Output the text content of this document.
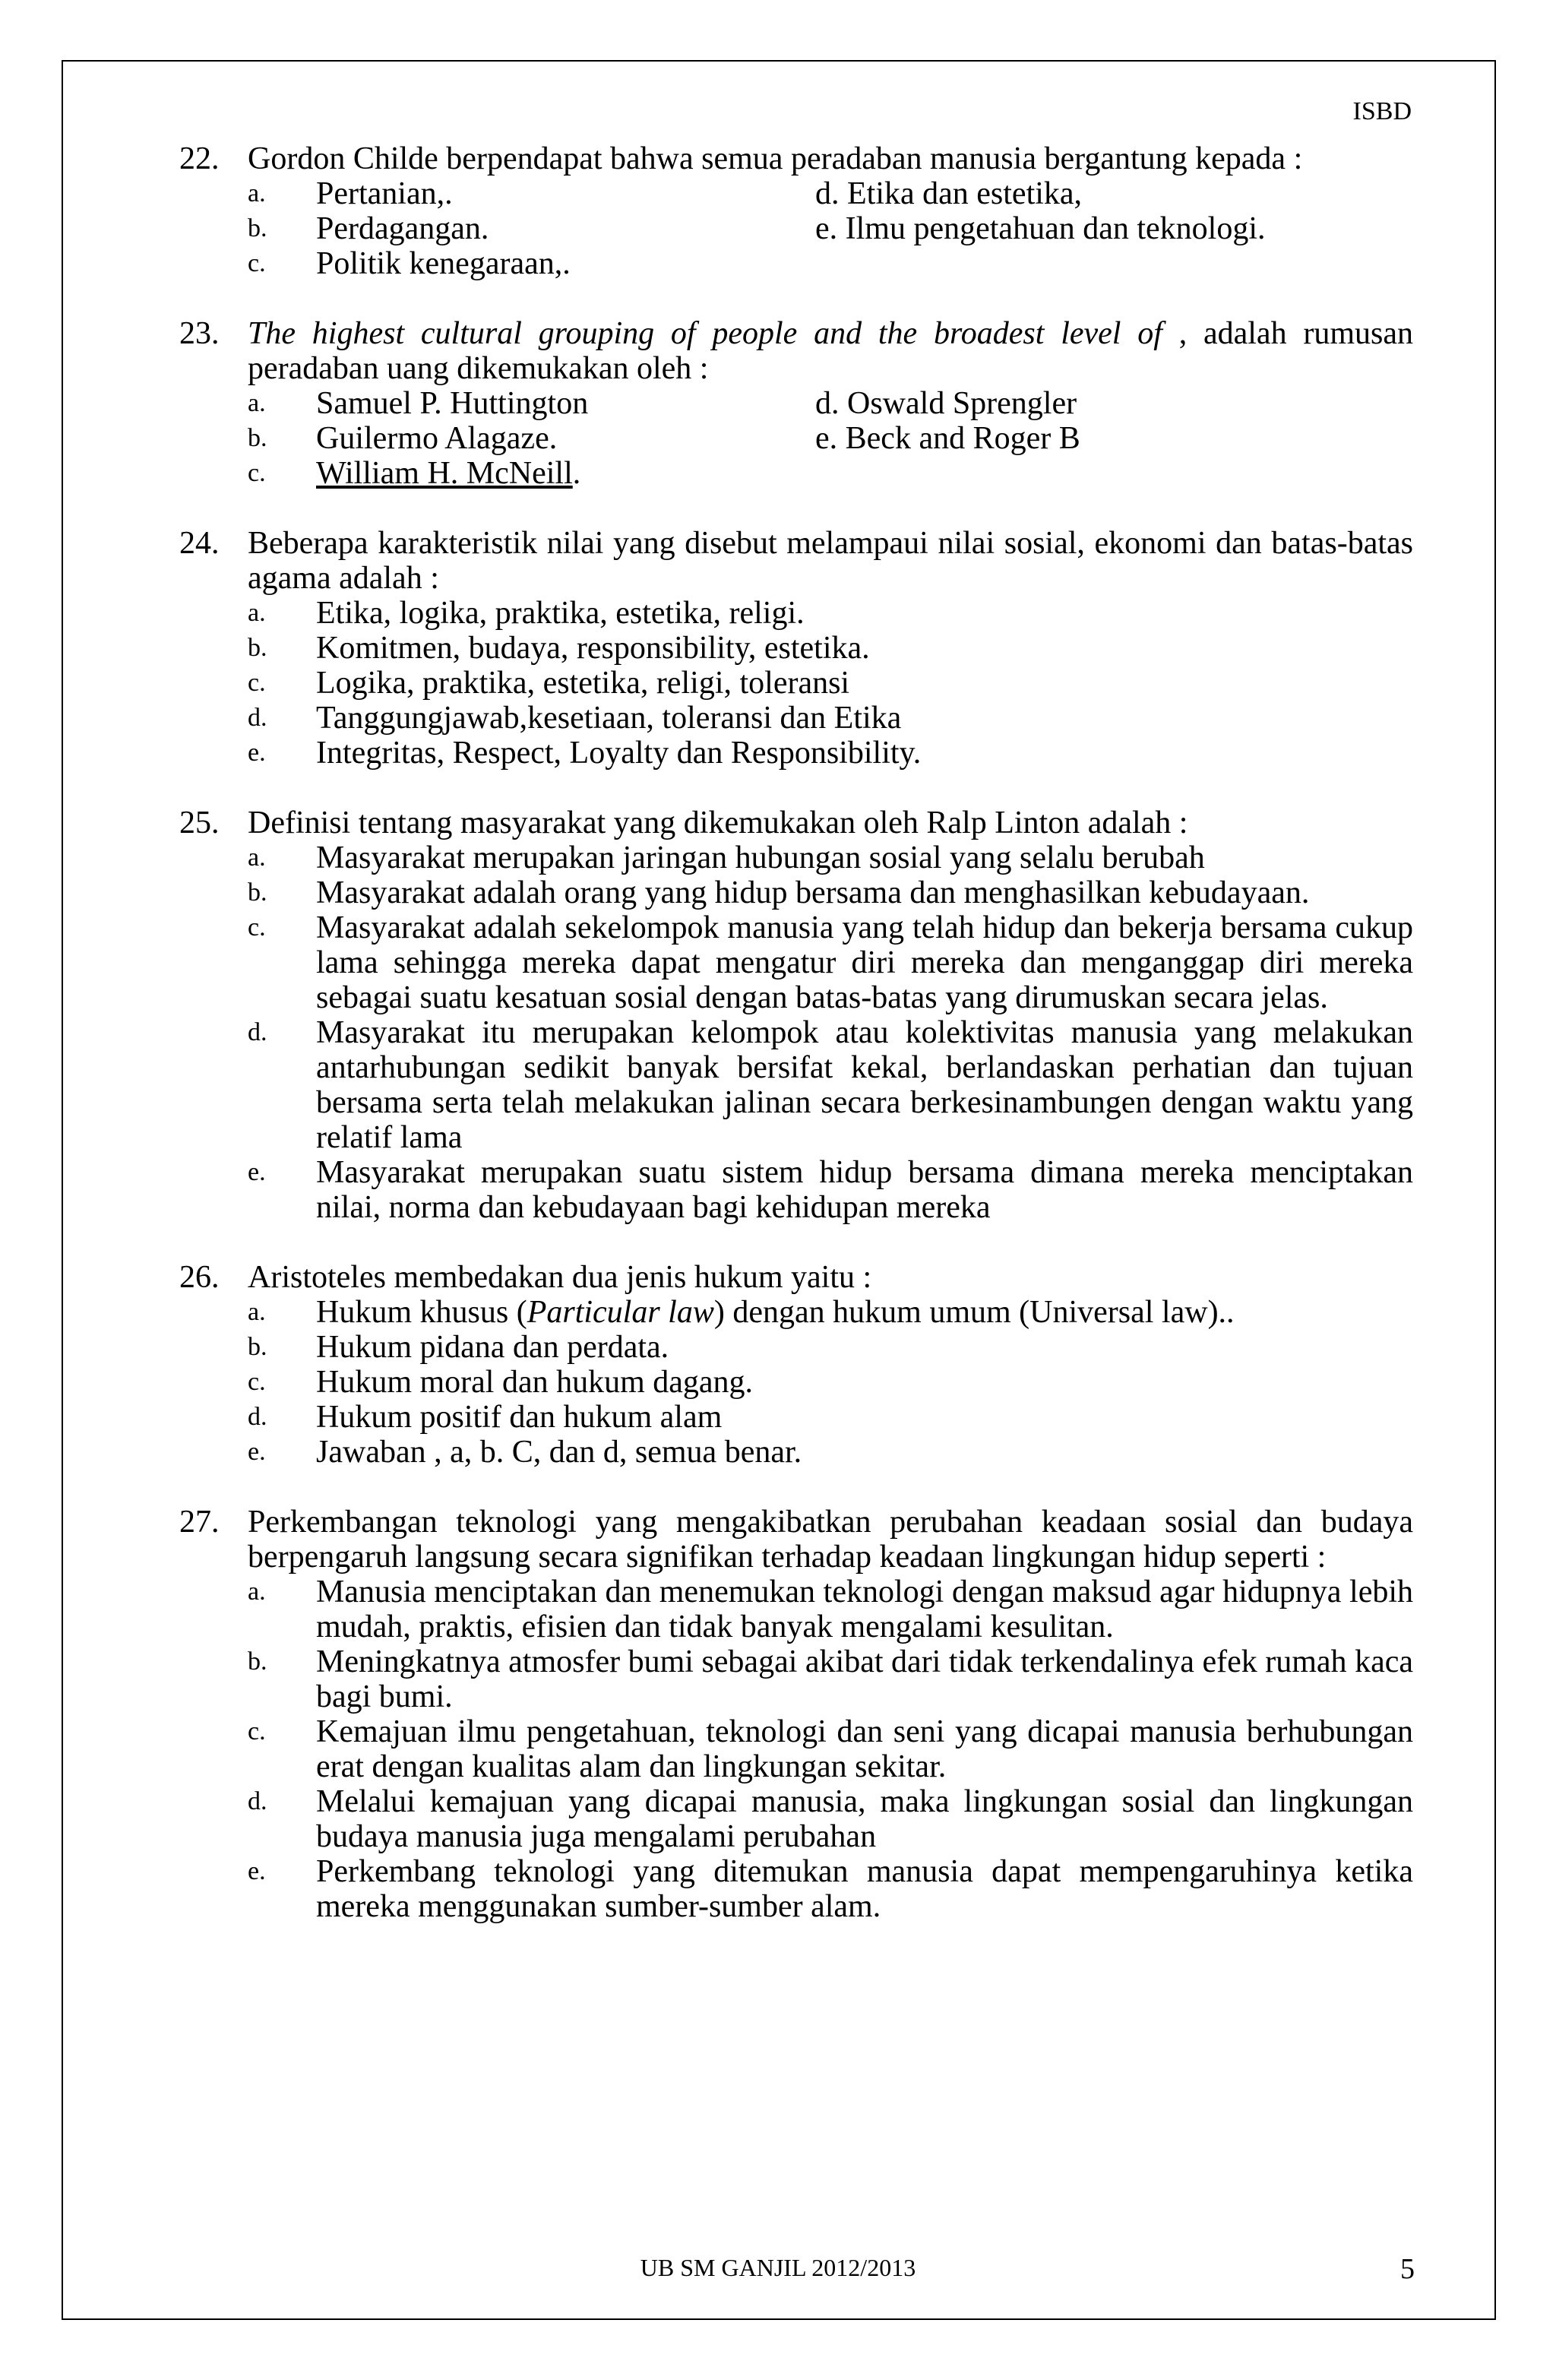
ISBD
22. Gordon Childe berpendapat bahwa semua peradaban manusia bergantung kepada :
a. Pertanian,.	d. Etika dan estetika,
b. Perdagangan.	e. Ilmu pengetahuan dan teknologi.
c. Politik kenegaraan,.
23. The highest cultural grouping of people and the broadest level of , adalah rumusan peradaban uang dikemukakan oleh :
a. Samuel P. Huttington	d. Oswald Sprengler
b. Guilermo Alagaze.	e. Beck and Roger B
c. William H. McNeill.
24. Beberapa karakteristik nilai yang disebut melampaui nilai sosial, ekonomi dan batas-batas agama adalah :
a. Etika, logika, praktika, estetika, religi.
b. Komitmen, budaya, responsibility, estetika.
c. Logika, praktika, estetika, religi, toleransi
d. Tanggungjawab,kesetiaan, toleransi dan Etika
e. Integritas, Respect, Loyalty dan Responsibility.
25. Definisi tentang masyarakat yang dikemukakan oleh Ralp Linton adalah :
a. Masyarakat merupakan jaringan hubungan sosial yang selalu berubah
b. Masyarakat adalah orang yang hidup bersama dan menghasilkan kebudayaan.
c. Masyarakat adalah sekelompok manusia yang telah hidup dan bekerja bersama cukup lama sehingga mereka dapat mengatur diri mereka dan menganggap diri mereka sebagai suatu kesatuan sosial dengan batas-batas yang dirumuskan secara jelas.
d. Masyarakat itu merupakan kelompok atau kolektivitas manusia yang melakukan antarhubungan sedikit banyak bersifat kekal, berlandaskan perhatian dan tujuan bersama serta telah melakukan jalinan secara berkesinambungen dengan waktu yang relatif lama
e. Masyarakat merupakan suatu sistem hidup bersama dimana mereka menciptakan nilai, norma dan kebudayaan bagi kehidupan mereka
26. Aristoteles membedakan dua jenis hukum yaitu :
a. Hukum khusus (Particular law) dengan hukum umum (Universal law)..
b. Hukum pidana dan perdata.
c. Hukum moral dan hukum dagang.
d. Hukum positif dan hukum alam
e. Jawaban , a, b. C, dan d, semua benar.
27. Perkembangan teknologi yang mengakibatkan perubahan keadaan sosial dan budaya berpengaruh langsung secara signifikan terhadap keadaan lingkungan hidup seperti :
a. Manusia menciptakan dan menemukan teknologi dengan maksud agar hidupnya lebih mudah, praktis, efisien dan tidak banyak mengalami kesulitan.
b. Meningkatnya atmosfer bumi sebagai akibat dari tidak terkendalinya efek rumah kaca bagi bumi.
c. Kemajuan ilmu pengetahuan, teknologi dan seni yang dicapai manusia berhubungan erat dengan kualitas alam dan lingkungan sekitar.
d. Melalui kemajuan yang dicapai manusia, maka lingkungan sosial dan lingkungan budaya manusia juga mengalami perubahan
e. Perkembang teknologi yang ditemukan manusia dapat mempengaruhinya ketika mereka menggunakan sumber-sumber alam.
UB SM GANJIL 2012/2013	5
